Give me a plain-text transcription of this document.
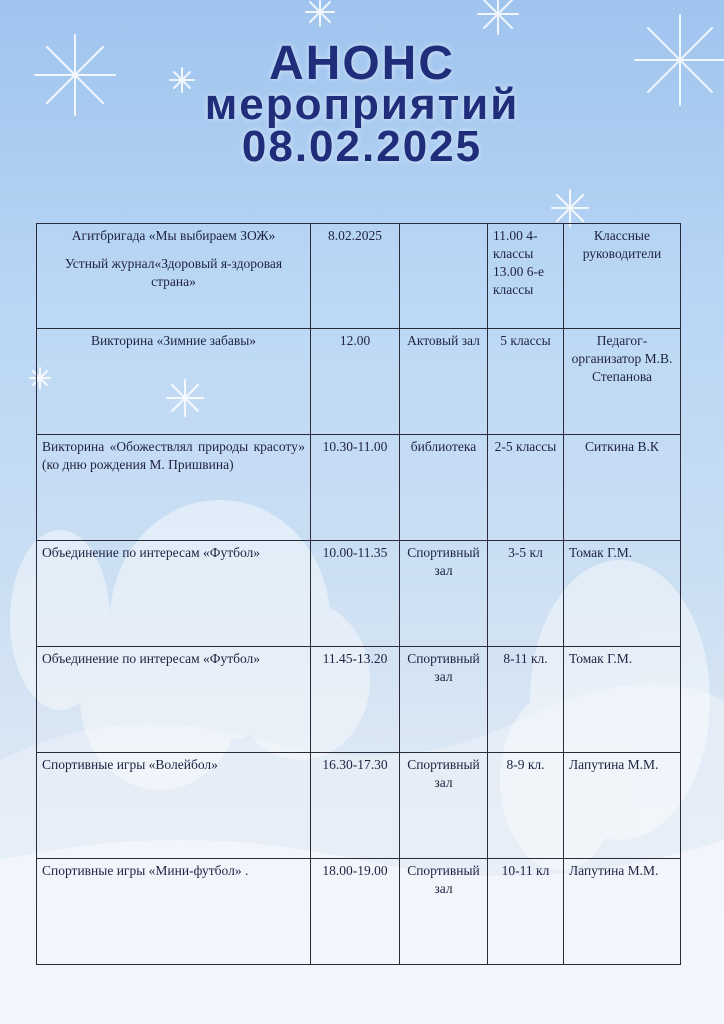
АНОНС
мероприятий
08.02.2025
Агитбригада «Мы выбираем ЗОЖ»
Устный журнал«Здоровый я-здоровая страна»	8.02.2025		11.00 4-классы 13.00 6-е классы	Классные руководители
Викторина «Зимние забавы»	12.00	Актовый зал	5 классы	Педагог-организатор М.В. Степанова
Викторина «Обожествлял природы красоту» (ко дню рождения М. Пришвина)	10.30-11.00	библиотека	2-5 классы	Ситкина В.К
Объединение по интересам «Футбол»	10.00-11.35	Спортивный зал	3-5 кл	Томак Г.М.
Объединение по интересам «Футбол»	11.45-13.20	Спортивный зал	8-11 кл.	Томак Г.М.
Спортивные игры «Волейбол»	16.30-17.30	Спортивный зал	8-9 кл.	Лапутина М.М.
Спортивные игры «Мини-футбол» .	18.00-19.00	Спортивный зал	10-11 кл	Лапутина М.М.
